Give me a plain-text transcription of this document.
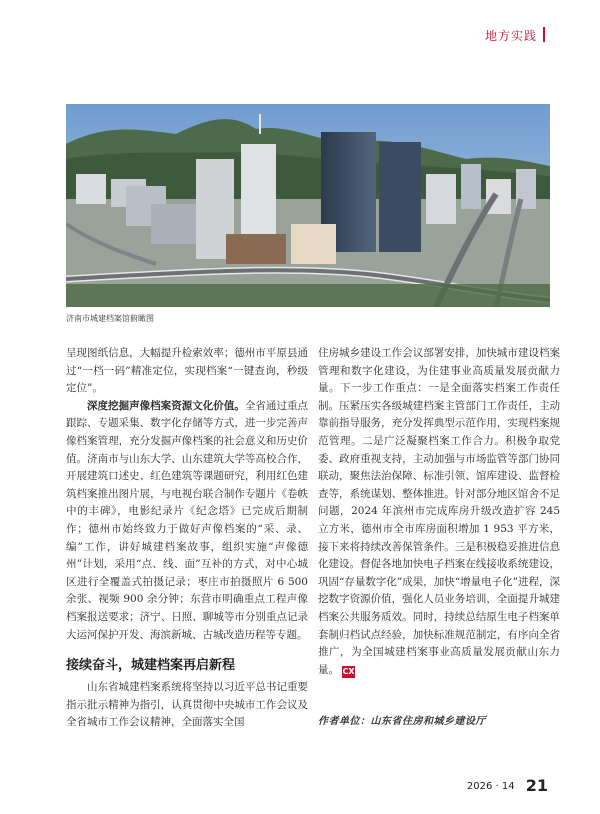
地方实践
济南市城建档案馆俯瞰图

呈现图纸信息，大幅提升检索效率；德州市平原县通过“一档一码”精准定位，实现档案“一键查询，秒级定位”。

深度挖掘声像档案资源文化价值。全省通过重点跟踪、专题采集、数字化存储等方式，进一步完善声像档案管理，充分发掘声像档案的社会意义和历史价值。济南市与山东大学、山东建筑大学等高校合作，开展建筑口述史、红色建筑等课题研究，利用红色建筑档案推出图片展，与电视台联合制作专题片《卷帙中的丰碑》，电影纪录片《纪念塔》已完成后期制作；德州市始终致力于做好声像档案的“采、录、编”工作，讲好城建档案故事，组织实施“声像德州”计划，采用“点、线、面”互补的方式，对中心城区进行全覆盖式拍摄记录；枣庄市拍摄照片 6 500 余张、视频 900 余分钟；东营市明确重点工程声像档案报送要求；济宁、日照、聊城等市分别重点记录大运河保护开发、海滨新城、古城改造历程等专题。

接续奋斗，城建档案再启新程

山东省城建档案系统将坚持以习近平总书记重要指示批示精神为指引，认真贯彻中央城市工作会议及全省城市工作会议精神，全面落实全国

住房城乡建设工作会议部署安排，加快城市建设档案管理和数字化建设，为住建事业高质量发展贡献力量。下一步工作重点：一是全面落实档案工作责任制。压紧压实各级城建档案主管部门工作责任，主动靠前指导服务，充分发挥典型示范作用，实现档案规范管理。二是广泛凝聚档案工作合力。积极争取党委、政府重视支持，主动加强与市场监管等部门协同联动，聚焦法治保障、标准引领、馆库建设、监督检查等，系统谋划、整体推进。针对部分地区馆舍不足问题，2024 年滨州市完成库房升级改造扩容 245 立方米，德州市全市库房面积增加 1 953 平方米，接下来将持续改善保管条件。三是积极稳妥推进信息化建设。督促各地加快电子档案在线接收系统建设，巩固“存量数字化”成果，加快“增量电子化”进程，深挖数字资源价值，强化人员业务培训，全面提升城建档案公共服务质效。同时，持续总结原生电子档案单套制归档试点经验，加快标准规范制定，有序向全省推广，为全国城建档案事业高质量发展贡献山东力量。 CX

作者单位：山东省住房和城乡建设厅
2026 · 14 21
